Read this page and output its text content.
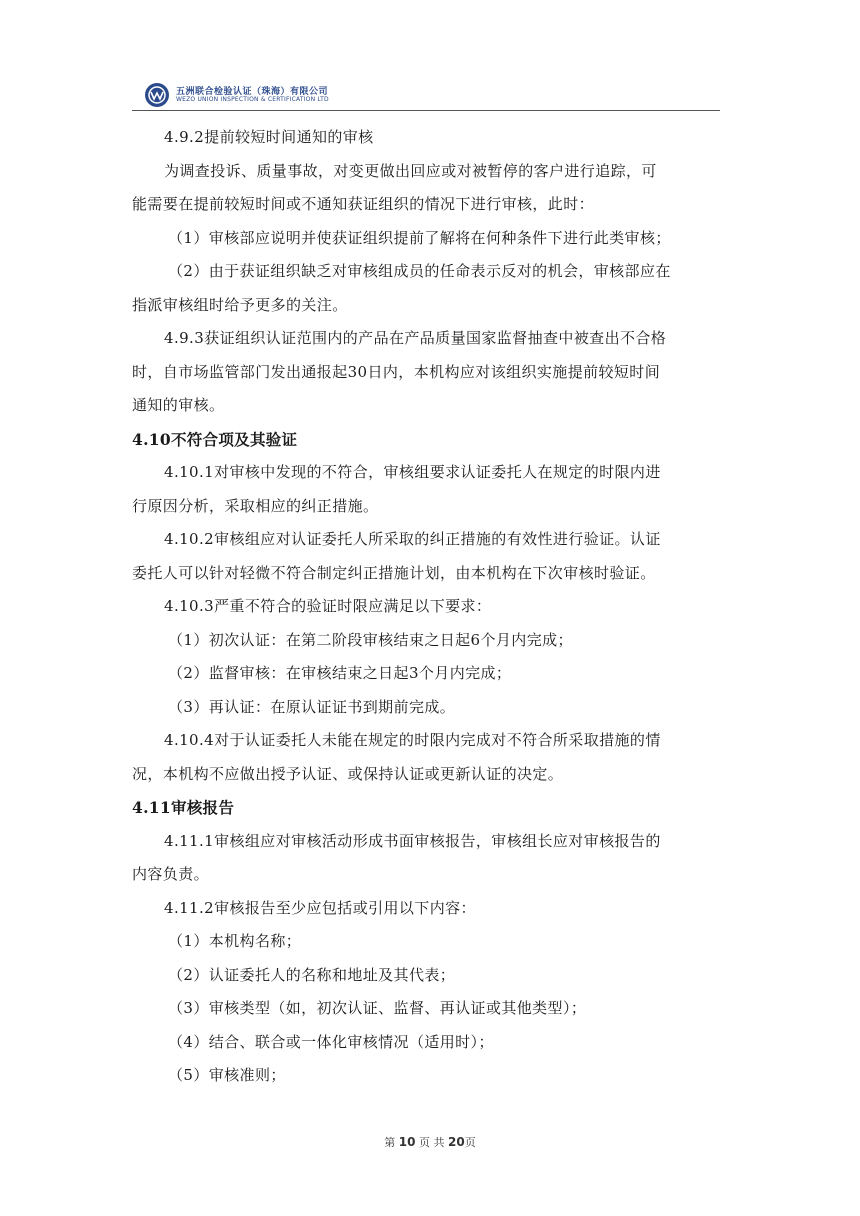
五洲联合检验认证（珠海）有限公司
WEZO UNION INSPECTION & CERTIFICATION LTD
4.9.2提前较短时间通知的审核
为调查投诉、质量事故，对变更做出回应或对被暂停的客户进行追踪，可
能需要在提前较短时间或不通知获证组织的情况下进行审核，此时：
（1）审核部应说明并使获证组织提前了解将在何种条件下进行此类审核；
（2）由于获证组织缺乏对审核组成员的任命表示反对的机会，审核部应在
指派审核组时给予更多的关注。
4.9.3获证组织认证范围内的产品在产品质量国家监督抽查中被查出不合格
时，自市场监管部门发出通报起30日内，本机构应对该组织实施提前较短时间
通知的审核。
4.10不符合项及其验证
4.10.1对审核中发现的不符合，审核组要求认证委托人在规定的时限内进
行原因分析，采取相应的纠正措施。
4.10.2审核组应对认证委托人所采取的纠正措施的有效性进行验证。认证
委托人可以针对轻微不符合制定纠正措施计划，由本机构在下次审核时验证。
4.10.3严重不符合的验证时限应满足以下要求：
（1）初次认证：在第二阶段审核结束之日起6个月内完成；
（2）监督审核：在审核结束之日起3个月内完成；
（3）再认证：在原认证证书到期前完成。
4.10.4对于认证委托人未能在规定的时限内完成对不符合所采取措施的情
况，本机构不应做出授予认证、或保持认证或更新认证的决定。
4.11审核报告
4.11.1审核组应对审核活动形成书面审核报告，审核组长应对审核报告的
内容负责。
4.11.2审核报告至少应包括或引用以下内容：
（1）本机构名称；
（2）认证委托人的名称和地址及其代表；
（3）审核类型（如，初次认证、监督、再认证或其他类型）；
（4）结合、联合或一体化审核情况（适用时）；
（5）审核准则；
第 10 页 共 20页
